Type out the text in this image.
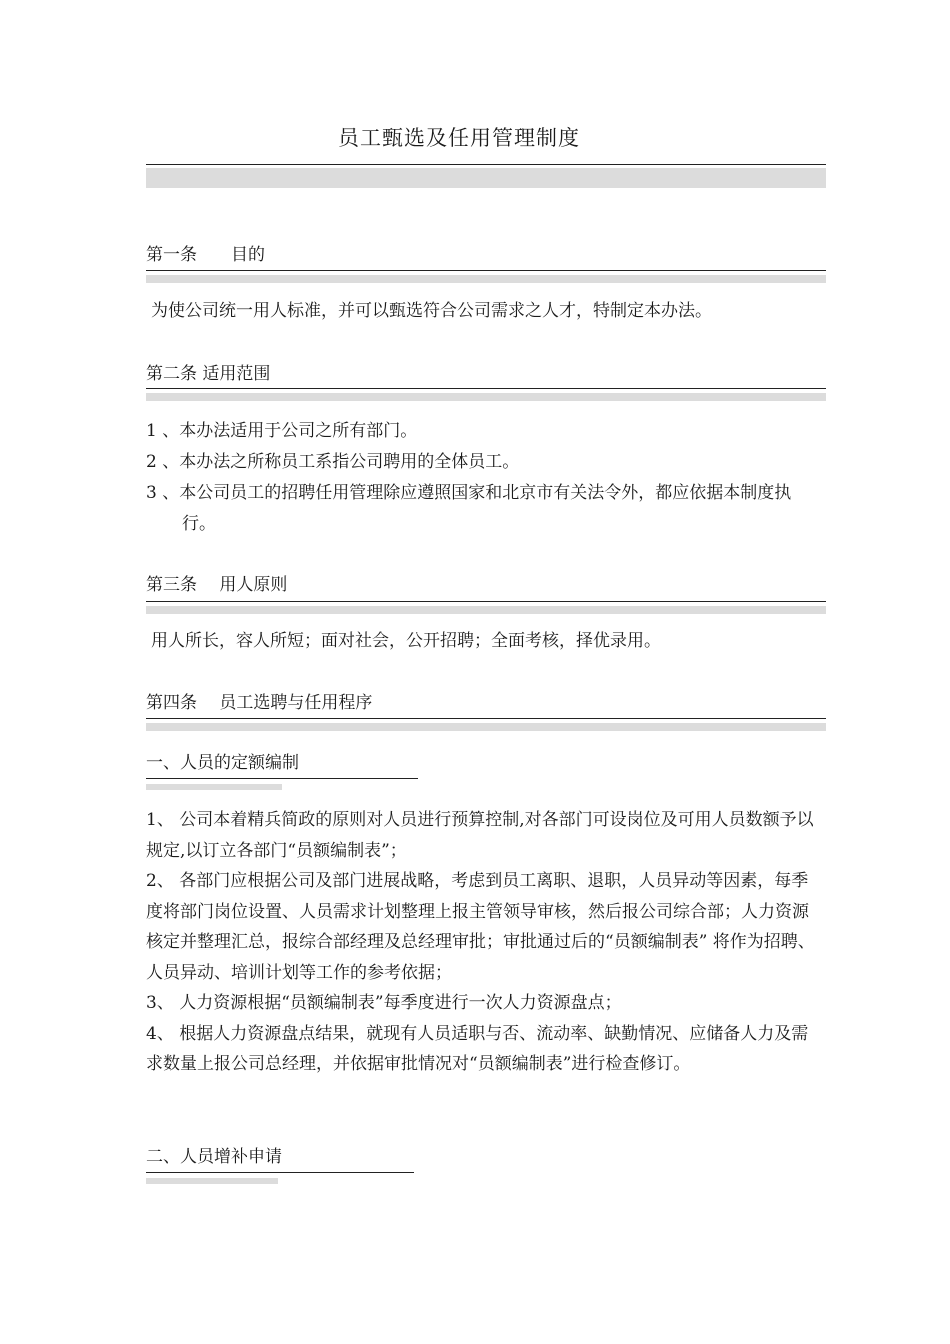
员工甄选及任用管理制度
第一条　　目的
为使公司统一用人标准，并可以甄选符合公司需求之人才，特制定本办法。
第二条 适用范围

1 、本办法适用于公司之所有部门。

2 、本办法之所称员工系指公司聘用的全体员工。

3 、本公司员工的招聘任用管理除应遵照国家和北京市有关法令外，都应依据本制度执行。

第三条　 用人原则
用人所长，容人所短；面对社会，公开招聘；全面考核，择优录用。
第四条　 员工选聘与任用程序
一、人员的定额编制

1、 公司本着精兵简政的原则对人员进行预算控制,对各部门可设岗位及可用人员数额予以规定,以订立各部门“员额编制表”；

2、 各部门应根据公司及部门进展战略，考虑到员工离职、退职，人员异动等因素，每季度将部门岗位设置、人员需求计划整理上报主管领导审核，然后报公司综合部；人力资源核定并整理汇总，报综合部经理及总经理审批；审批通过后的“员额编制表” 将作为招聘、人员异动、培训计划等工作的参考依据；

3、 人力资源根据“员额编制表”每季度进行一次人力资源盘点；

4、 根据人力资源盘点结果，就现有人员适职与否、流动率、缺勤情况、应储备人力及需求数量上报公司总经理，并依据审批情况对“员额编制表”进行检查修订。

二、人员增补申请
